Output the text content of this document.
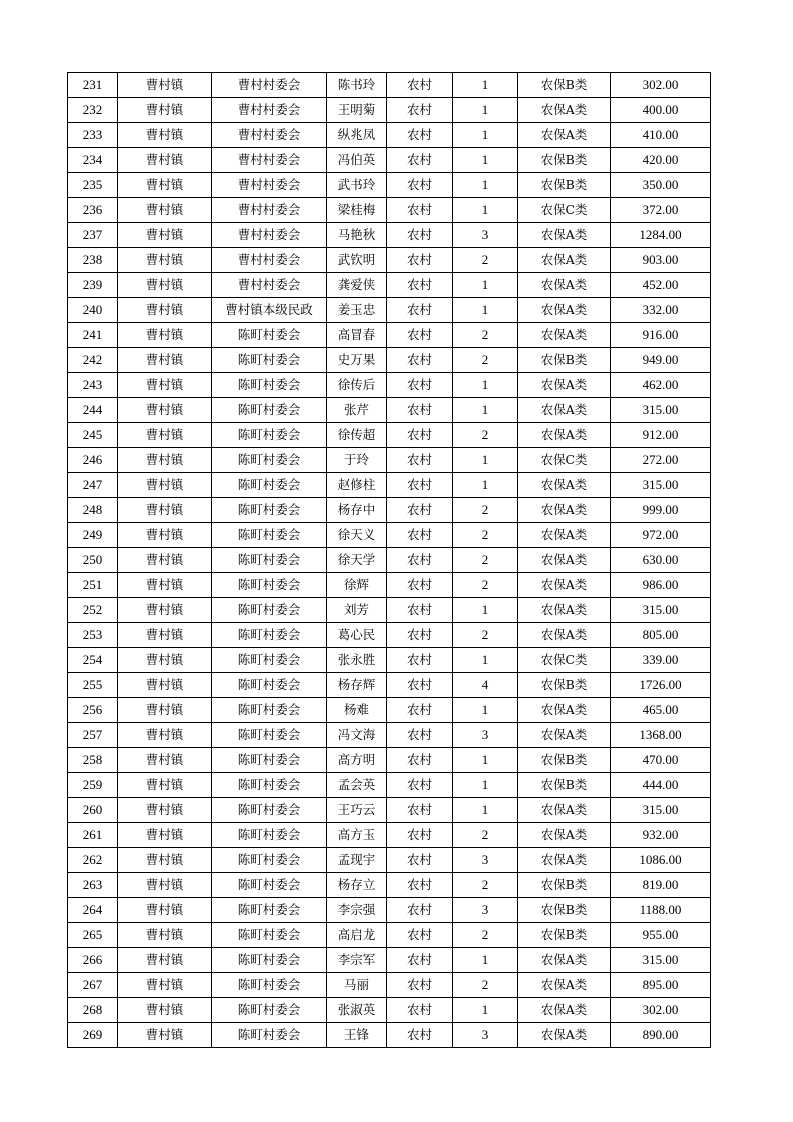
231	曹村镇	曹村村委会	陈书玲	农村	1	农保B类	302.00
232	曹村镇	曹村村委会	王明菊	农村	1	农保A类	400.00
233	曹村镇	曹村村委会	纵兆凤	农村	1	农保A类	410.00
234	曹村镇	曹村村委会	冯伯英	农村	1	农保B类	420.00
235	曹村镇	曹村村委会	武书玲	农村	1	农保B类	350.00
236	曹村镇	曹村村委会	梁桂梅	农村	1	农保C类	372.00
237	曹村镇	曹村村委会	马艳秋	农村	3	农保A类	1284.00
238	曹村镇	曹村村委会	武钦明	农村	2	农保A类	903.00
239	曹村镇	曹村村委会	龚爱侠	农村	1	农保A类	452.00
240	曹村镇	曹村镇本级民政	姜玉忠	农村	1	农保A类	332.00
241	曹村镇	陈町村委会	高冒春	农村	2	农保A类	916.00
242	曹村镇	陈町村委会	史万果	农村	2	农保B类	949.00
243	曹村镇	陈町村委会	徐传后	农村	1	农保A类	462.00
244	曹村镇	陈町村委会	张芹	农村	1	农保A类	315.00
245	曹村镇	陈町村委会	徐传超	农村	2	农保A类	912.00
246	曹村镇	陈町村委会	于玲	农村	1	农保C类	272.00
247	曹村镇	陈町村委会	赵修柱	农村	1	农保A类	315.00
248	曹村镇	陈町村委会	杨存中	农村	2	农保A类	999.00
249	曹村镇	陈町村委会	徐天义	农村	2	农保A类	972.00
250	曹村镇	陈町村委会	徐天学	农村	2	农保A类	630.00
251	曹村镇	陈町村委会	徐辉	农村	2	农保A类	986.00
252	曹村镇	陈町村委会	刘芳	农村	1	农保A类	315.00
253	曹村镇	陈町村委会	葛心民	农村	2	农保A类	805.00
254	曹村镇	陈町村委会	张永胜	农村	1	农保C类	339.00
255	曹村镇	陈町村委会	杨存辉	农村	4	农保B类	1726.00
256	曹村镇	陈町村委会	杨难	农村	1	农保A类	465.00
257	曹村镇	陈町村委会	冯文海	农村	3	农保A类	1368.00
258	曹村镇	陈町村委会	高方明	农村	1	农保B类	470.00
259	曹村镇	陈町村委会	孟会英	农村	1	农保B类	444.00
260	曹村镇	陈町村委会	王巧云	农村	1	农保A类	315.00
261	曹村镇	陈町村委会	高方玉	农村	2	农保A类	932.00
262	曹村镇	陈町村委会	孟现宇	农村	3	农保A类	1086.00
263	曹村镇	陈町村委会	杨存立	农村	2	农保B类	819.00
264	曹村镇	陈町村委会	李宗强	农村	3	农保B类	1188.00
265	曹村镇	陈町村委会	高启龙	农村	2	农保B类	955.00
266	曹村镇	陈町村委会	李宗军	农村	1	农保A类	315.00
267	曹村镇	陈町村委会	马丽	农村	2	农保A类	895.00
268	曹村镇	陈町村委会	张淑英	农村	1	农保A类	302.00
269	曹村镇	陈町村委会	王锋	农村	3	农保A类	890.00
